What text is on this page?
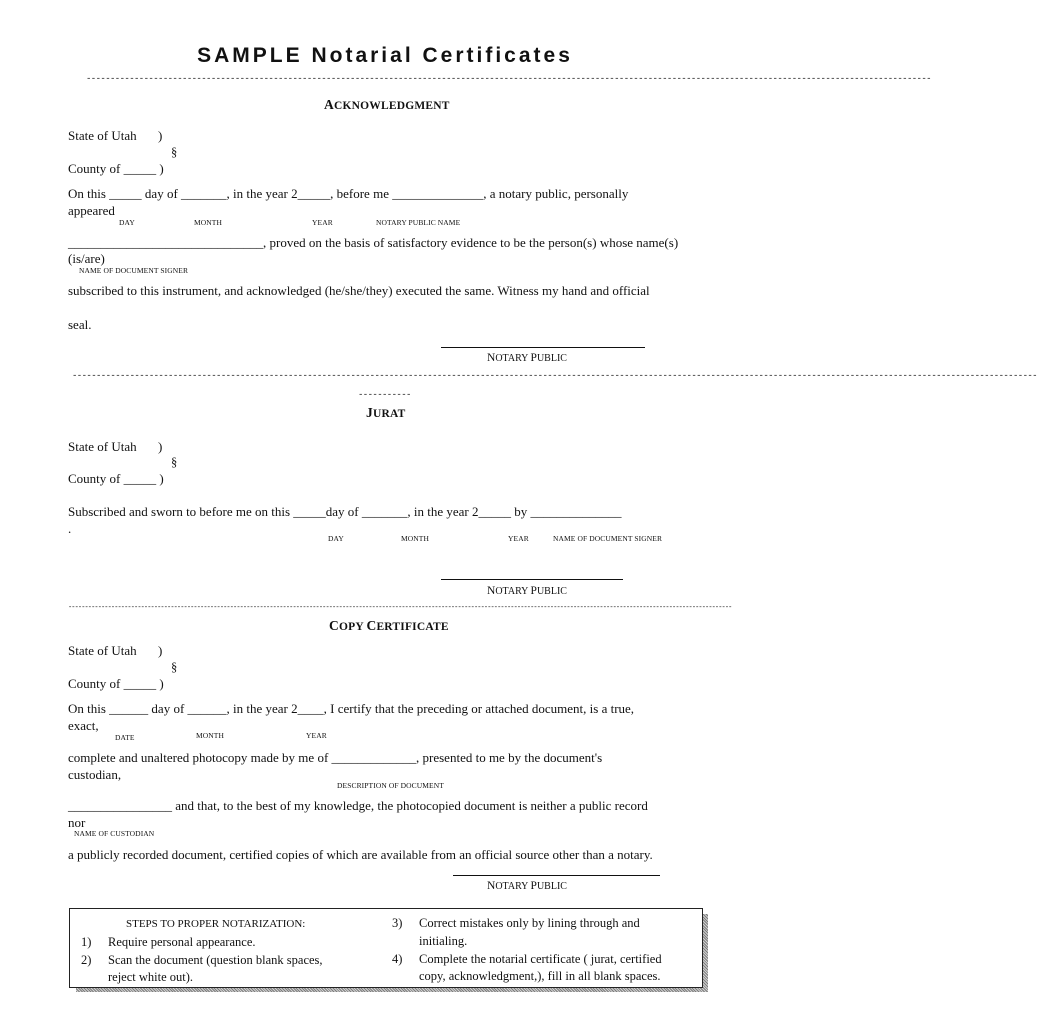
SAMPLE Notarial Certificates
--------------------------------------------------------------------------------------------------------------------------------------------------------------------------------
ACKNOWLEDGMENT
State of Utah )
§
County of _____ )
On this _____ day of _______, in the year 2_____, before me ______________, a notary public, personally
appeared
DAY	MONTH	YEAR	NOTARY PUBLIC NAME
______________________________, proved on the basis of satisfactory evidence to be the person(s) whose name(s)
(is/are)
NAME OF DOCUMENT SIGNER
subscribed to this instrument, and acknowledged (he/she/they) executed the same. Witness my hand and official
seal.
NOTARY PUBLIC
---------------------------------------------------------------------------------------------------------------------------------------------------------------------------------------------------------
-----------
JURAT
State of Utah )
§
County of _____ )
Subscribed and sworn to before me on this _____day of _______, in the year 2_____ by ______________
.
DAY	MONTH	YEAR	NAME OF DOCUMENT SIGNER
NOTARY PUBLIC
---------------------------------------------------------------------------------------------------------------------------------------------------------------------------------------------------------
COPY CERTIFICATE
State of Utah )
§
County of _____ )
On this ______ day of ______, in the year 2____, I certify that the preceding or attached document, is a true,
exact,
DATE	MONTH	YEAR
complete and unaltered photocopy made by me of _____________, presented to me by the document's
custodian,
DESCRIPTION OF DOCUMENT
________________ and that, to the best of my knowledge, the photocopied document is neither a public record
nor
NAME OF CUSTODIAN
a publicly recorded document, certified copies of which are available from an official source other than a notary.
NOTARY PUBLIC
STEPS TO PROPER NOTARIZATION:
1) Require personal appearance.
2) Scan the document (question blank spaces,
reject white out).
3) Correct mistakes only by lining through and
initialing.
4) Complete the notarial certificate ( jurat, certified
copy, acknowledgment,), fill in all blank spaces.
